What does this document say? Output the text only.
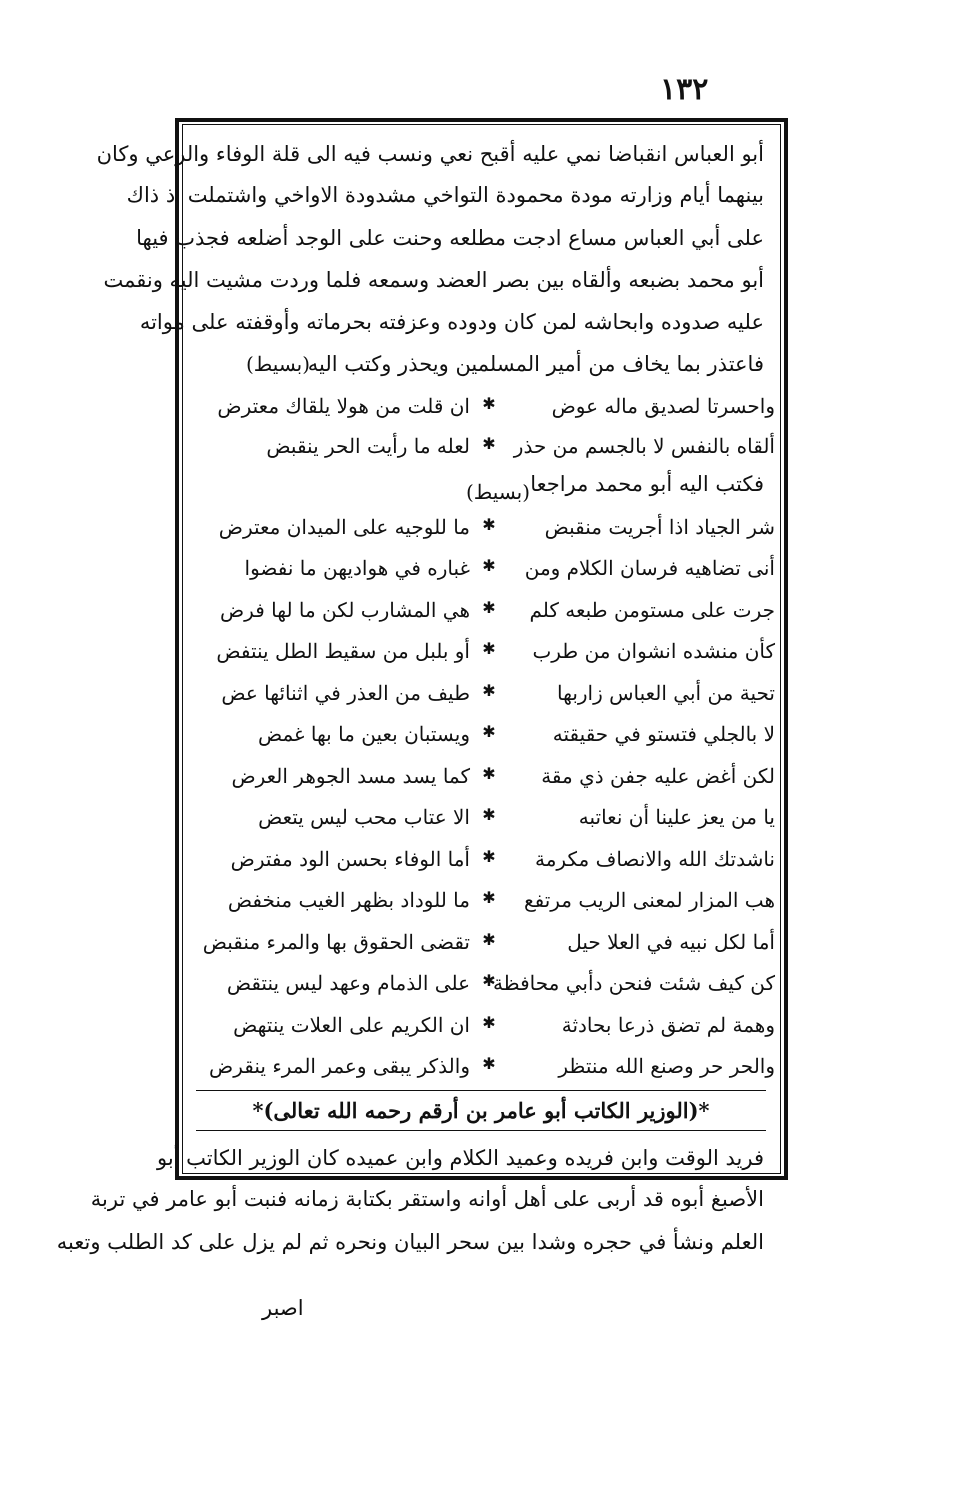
١٣٢
أبو العباس انقباضا نمي عليه أقبح نعي ونسب فيه الى قلة الوفاء والرعي وكان
بينهما أيام وزارته مودة محمودة التواخي مشدودة الاواخي واشتملت اذ ذاك
على أبي العباس مساع ادجت مطلعه وحنت على الوجد أضلعه فجذب فيها
أبو محمد بضبعه وألقاه بين بصر العضد وسمعه فلما وردت مشيت اليه ونقمت
عليه صدوده وابحاشه لمن كان ودوده وعزفته بحرماته وأوقفته على مواته
فاعتذر بما يخاف من أمير المسلمين ويحذر وكتب اليه
(بسيط)
واحسرتا لصديق ماله عوض
✱
ان قلت من هولا يلقاك معترض
ألقاه بالنفس لا بالجسم من حذر
✱
لعله ما رأيت الحر ينقبض
فكتب اليه أبو محمد مراجعا
(بسيط)
شر الجياد اذا أجريت منقبض
✱
ما للوجيه على الميدان معترض
أنى تضاهيه فرسان الكلام ومن
✱
غباره في هواديهن ما نفضوا
جرت على مستومن طبعه كلم
✱
هي المشارب لكن ما لها فرض
كأن منشده انشوان من طرب
✱
أو بلبل من سقيط الطل ينتفض
تحية من أبي العباس زاربها
✱
طيف من العذر في اثنائها عض
لا بالجلي فتستو في حقيقته
✱
ويستبان بعين ما بها غمض
لكن أغض عليه جفن ذي مقة
✱
كما يسد مسد الجوهر العرض
يا من يعز علينا أن نعاتبه
✱
الا عتاب محب ليس يتعض
ناشدتك الله والانصاف مكرمة
✱
أما الوفاء بحسن الود مفترض
هب المزار لمعنى الريب مرتفع
✱
ما للوداد بظهر الغيب منخفض
أما لكل نبيه في العلا حيل
✱
تقضى الحقوق بها والمرء منقبض
كن كيف شئت فنحن دأبي محافظة
✱
على الذمام وعهد ليس ينتقض
وهمة لم تضق ذرعا بحادثة
✱
ان الكريم على العلات ينتهض
والحر حر وصنع الله منتظر
✱
والذكر يبقى وعمر المرء ينقرض
*(الوزير الكاتب أبو عامر بن أرقم رحمه الله تعالى)*
فريد الوقت وابن فريده وعميد الكلام وابن عميده كان الوزير الكاتب أبو
الأصبغ أبوه قد أربى على أهل أوانه واستقر بكتابة زمانه فنبت أبو عامر في تربة
العلم ونشأ في حجره وشدا بين سحر البيان ونحره ثم لم يزل على كد الطلب وتعبه
اصبر
